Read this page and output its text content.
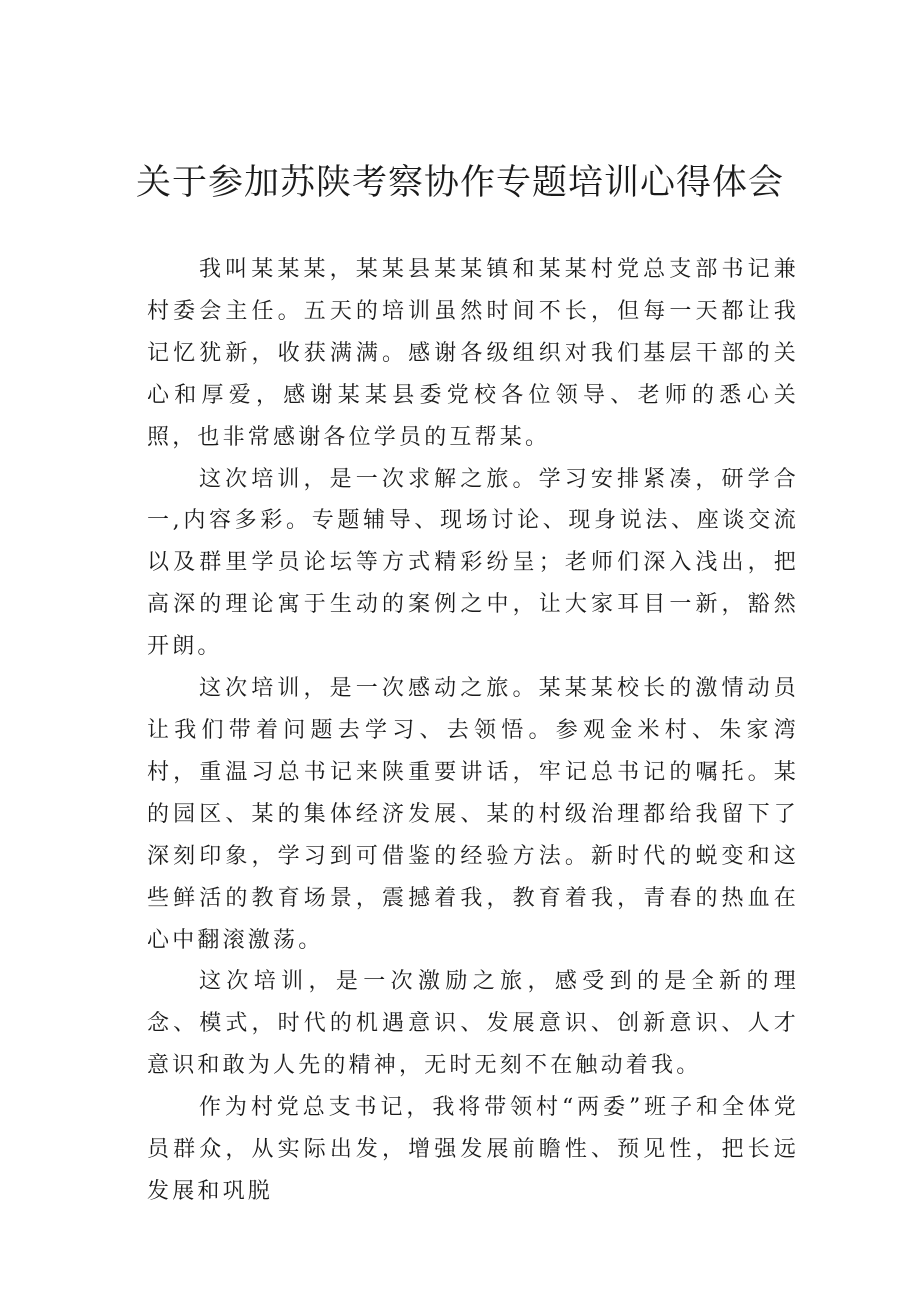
关于参加苏陕考察协作专题培训心得体会

我叫某某某，某某县某某镇和某某村党总支部书记兼村委会主任。五天的培训虽然时间不长，但每一天都让我记忆犹新，收获满满。感谢各级组织对我们基层干部的关心和厚爱，感谢某某县委党校各位领导、老师的悉心关照，也非常感谢各位学员的互帮某。

这次培训，是一次求解之旅。学习安排紧凑，研学合一,内容多彩。专题辅导、现场讨论、现身说法、座谈交流以及群里学员论坛等方式精彩纷呈；老师们深入浅出，把高深的理论寓于生动的案例之中，让大家耳目一新，豁然开朗。

这次培训，是一次感动之旅。某某某校长的激情动员让我们带着问题去学习、去领悟。参观金米村、朱家湾村，重温习总书记来陕重要讲话，牢记总书记的嘱托。某的园区、某的集体经济发展、某的村级治理都给我留下了深刻印象，学习到可借鉴的经验方法。新时代的蜕变和这些鲜活的教育场景，震撼着我，教育着我，青春的热血在心中翻滚激荡。

这次培训，是一次激励之旅，感受到的是全新的理念、模式，时代的机遇意识、发展意识、创新意识、人才意识和敢为人先的精神，无时无刻不在触动着我。

作为村党总支书记，我将带领村“两委”班子和全体党员群众，从实际出发，增强发展前瞻性、预见性，把长远发展和巩脱
